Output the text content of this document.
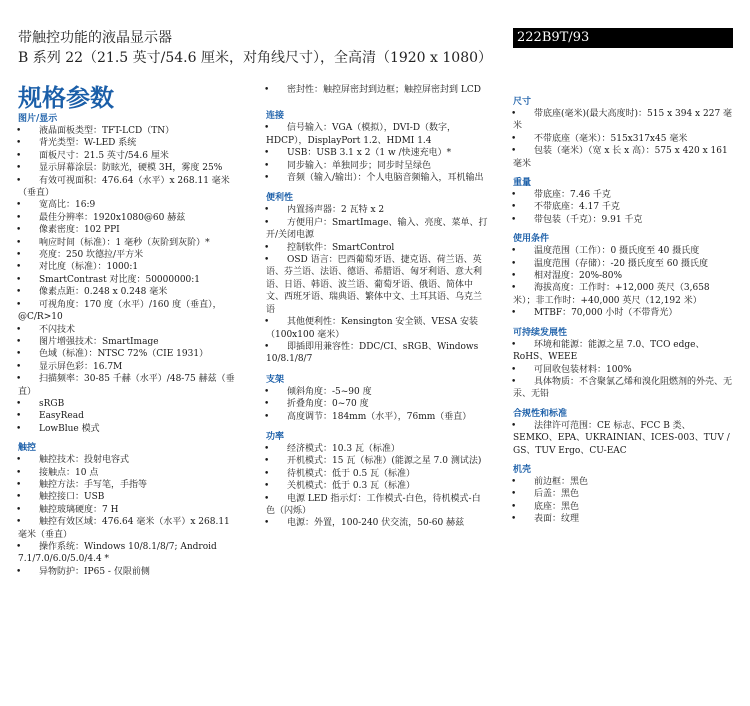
带触控功能的液晶显示器
B 系列 22（21.5 英寸/54.6 厘米，对角线尺寸），全高清（1920 x 1080）
222B9T/93
规格参数
图片/显示
• 液晶面板类型：TFT-LCD（TN）
• 背光类型：W-LED 系统
• 面板尺寸：21.5 英寸/54.6 厘米
• 显示屏幕涂层：防眩光，硬模 3H，雾度 25%
• 有效可视面积：476.64（水平）x 268.11 毫米（垂直）
• 宽高比：16:9
• 最佳分辨率：1920x1080@60 赫兹
• 像素密度：102 PPI
• 响应时间（标准）：1 毫秒（灰阶到灰阶）*
• 亮度：250 坎德拉/平方米
• 对比度（标准）：1000:1
• SmartContrast 对比度：50000000:1
• 像素点距：0.248 x 0.248 毫米
• 可视角度：170 度（水平）/160 度（垂直），@C/R>10
• 不闪技术
• 图片增强技术：SmartImage
• 色域（标准）：NTSC 72%（CIE 1931）
• 显示屏色彩：16.7M
• 扫描频率：30-85 千赫（水平）/48-75 赫兹（垂直）
• sRGB
• EasyRead
• LowBlue 模式
触控
• 触控技术：投射电容式
• 接触点：10 点
• 触控方法：手写笔，手指等
• 触控接口：USB
• 触控玻璃硬度：7 H
• 触控有效区域：476.64 毫米（水平）x 268.11 毫米（垂直）
• 操作系统：Windows 10/8.1/8/7; Android 7.1/7.0/6.0/5.0/4.4 *
• 异物防护：IP65 - 仅限前侧
• 密封性：触控屏密封到边框；触控屏密封到 LCD
连接
• 信号输入：VGA（模拟），DVI-D（数字，HDCP），DisplayPort 1.2、HDMI 1.4
• USB：USB 3.1 x 2（1 w /快速充电）*
• 同步输入：单独同步；同步时呈绿色
• 音频（输入/输出）：个人电脑音频输入，耳机输出
便利性
• 内置扬声器：2 瓦特 x 2
• 方便用户：SmartImage、输入、亮度、菜单、打开/关闭电源
• 控制软件：SmartControl
• OSD 语言：巴西葡萄牙语、捷克语、荷兰语、英语、芬兰语、法语、德语、希腊语、匈牙利语、意大利语、日语、韩语、波兰语、葡萄牙语、俄语、简体中文、西班牙语、瑞典语、繁体中文、土耳其语、乌克兰语
• 其他便利性：Kensington 安全锁、VESA 安装（100x100 毫米）
• 即插即用兼容性：DDC/CI、sRGB、Windows 10/8.1/8/7
支架
• 倾斜角度：-5~90 度
• 折叠角度：0~70 度
• 高度调节：184mm（水平），76mm（垂直）
功率
• 经济模式：10.3 瓦（标准）
• 开机模式：15 瓦（标准）(能源之星 7.0 测试法)
• 待机模式：低于 0.5 瓦（标准）
• 关机模式：低于 0.3 瓦（标准）
• 电源 LED 指示灯：工作模式-白色，待机模式-白色（闪烁）
• 电源：外置，100-240 伏交流，50-60 赫兹
尺寸
• 带底座(毫米)(最大高度时)：515 x 394 x 227 毫米
• 不带底座（毫米）：515x317x45 毫米
• 包装（毫米）（宽 x 长 x 高）：575 x 420 x 161 毫米
重量
• 带底座：7.46 千克
• 不带底座：4.17 千克
• 带包装（千克）：9.91 千克
使用条件
• 温度范围（工作）：0 摄氏度至 40 摄氏度
• 温度范围（存储）：-20 摄氏度至 60 摄氏度
• 相对湿度：20%-80%
• 海拔高度：工作时：+12,000 英尺（3,658 米）；非工作时：+40,000 英尺（12,192 米）
• MTBF：70,000 小时（不带背光）
可持续发展性
• 环境和能源：能源之星 7.0、TCO edge、RoHS、WEEE
• 可回收包装材料：100%
• 具体物质：不含聚氯乙烯和溴化阻燃剂的外壳、无汞、无铅
合规性和标准
• 法律许可范围：CE 标志、FCC B 类、SEMKO、EPA、UKRAINIAN、ICES-003、TUV / GS、TUV Ergo、CU-EAC
机壳
• 前边框：黑色
• 后盖：黑色
• 底座：黑色
• 表面：纹理
